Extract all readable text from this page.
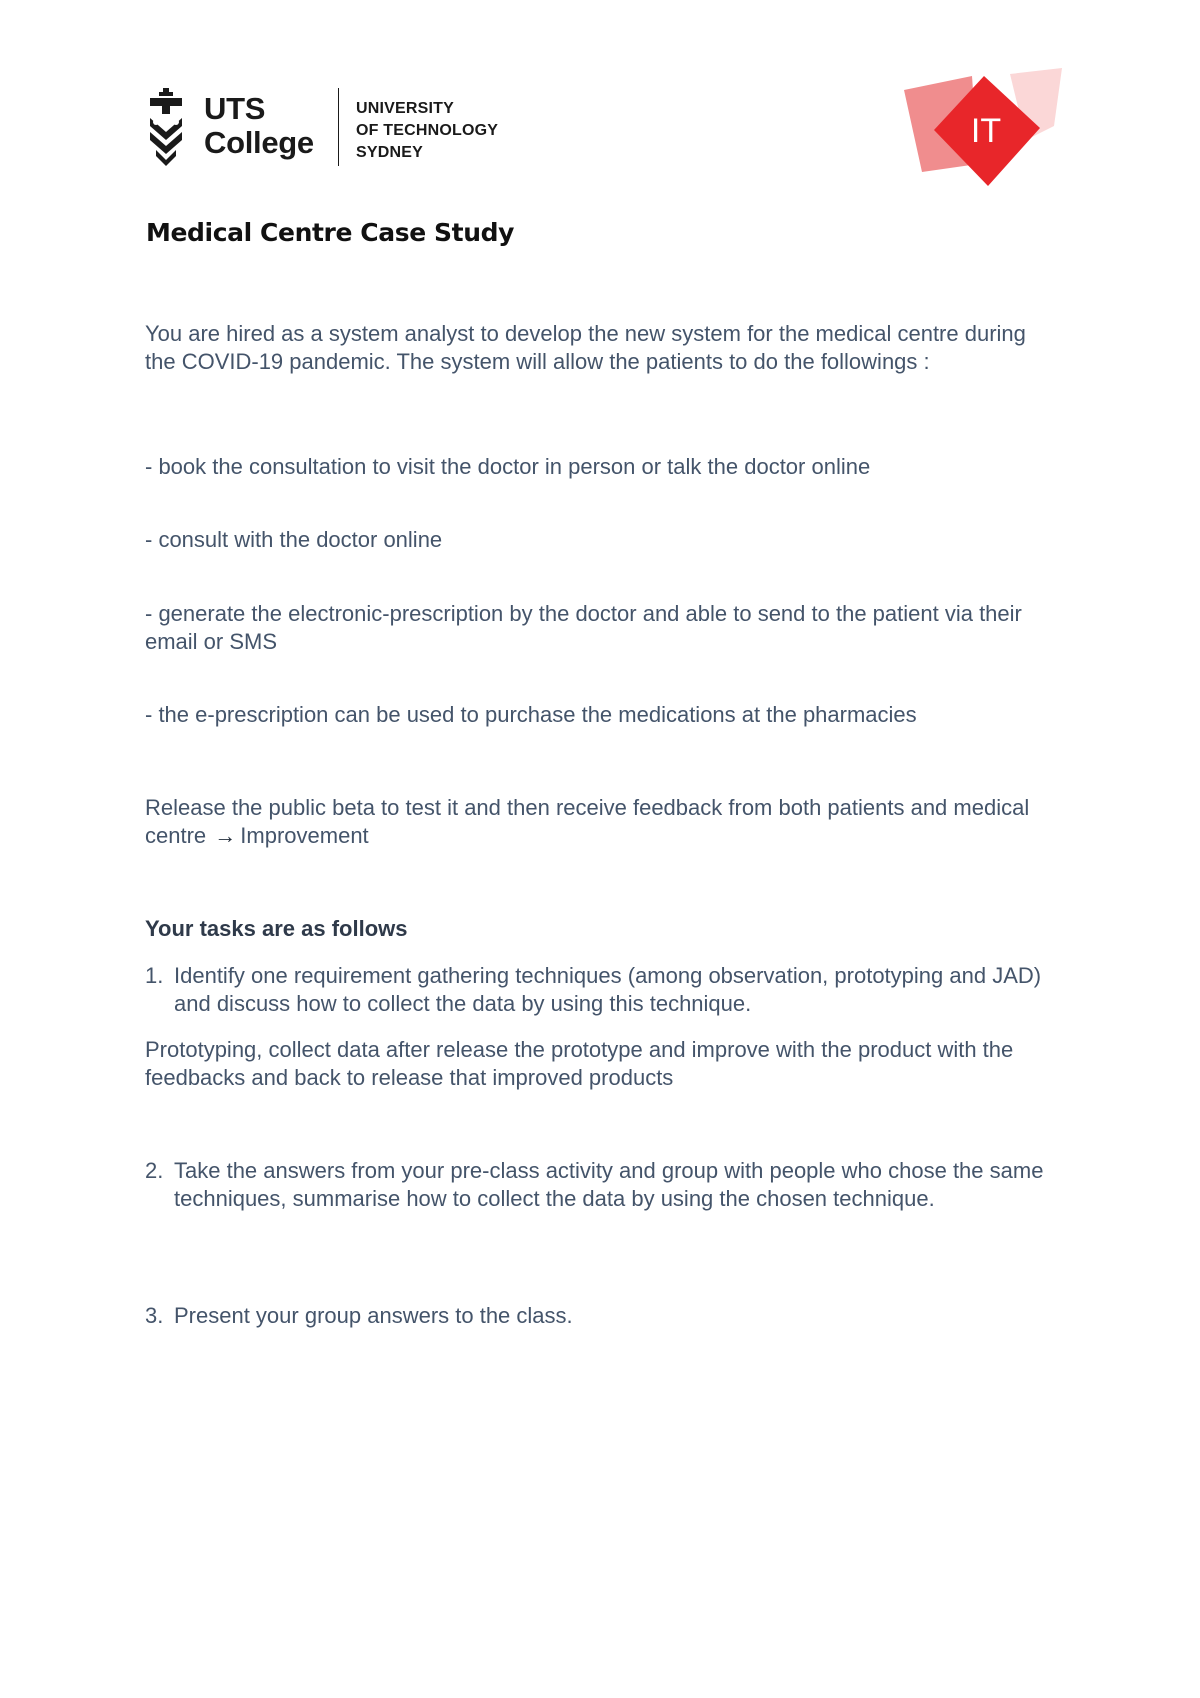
UTS
College
UNIVERSITY
OF TECHNOLOGY
SYDNEY
IT
Medical Centre Case Study

You are hired as a system analyst to develop the new system for the medical centre during the COVID-19 pandemic. The system will allow the patients to do the followings :

- book the consultation to visit the doctor in person or talk the doctor online

- consult with the doctor online

- generate the electronic-prescription by the doctor and able to send to the patient via their email or SMS

- the e-prescription can be used to purchase the medications at the pharmacies

Release the public beta to test it and then receive feedback from both patients and medical centre → Improvement

Your tasks are as follows

1. Identify one requirement gathering techniques (among observation, prototyping and JAD) and discuss how to collect the data by using this technique.

Prototyping, collect data after release the prototype and improve with the product with the feedbacks and back to release that improved products

2. Take the answers from your pre-class activity and group with people who chose the same techniques, summarise how to collect the data by using the chosen technique.
3. Present your group answers to the class.
